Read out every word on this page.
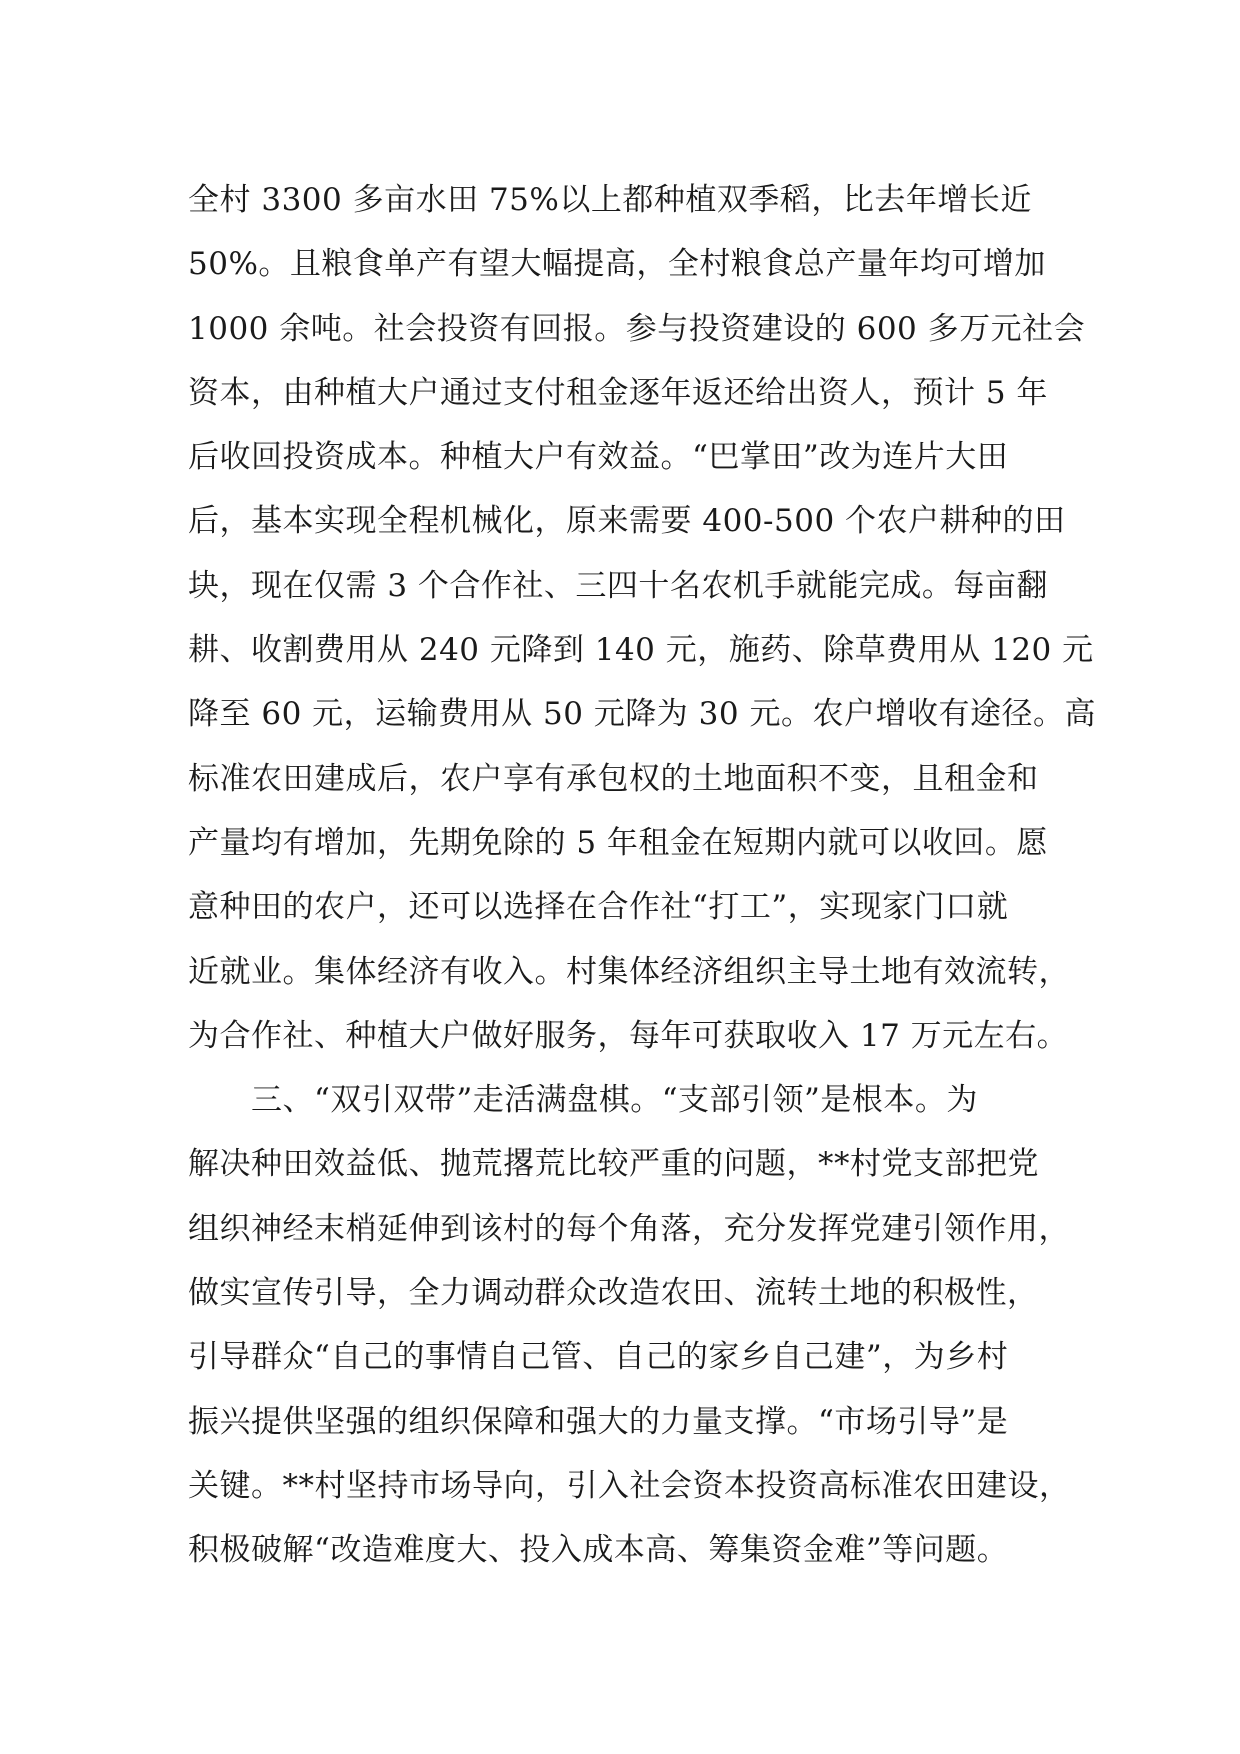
全村 3300 多亩水田 75%以上都种植双季稻，比去年增长近
50%。且粮食单产有望大幅提高，全村粮食总产量年均可增加
1000 余吨。社会投资有回报。参与投资建设的 600 多万元社会
资本，由种植大户通过支付租金逐年返还给出资人，预计 5 年
后收回投资成本。种植大户有效益。“巴掌田”改为连片大田
后，基本实现全程机械化，原来需要 400-500 个农户耕种的田
块，现在仅需 3 个合作社、三四十名农机手就能完成。每亩翻
耕、收割费用从 240 元降到 140 元，施药、除草费用从 120 元
降至 60 元，运输费用从 50 元降为 30 元。农户增收有途径。高
标准农田建成后，农户享有承包权的土地面积不变，且租金和
产量均有增加，先期免除的 5 年租金在短期内就可以收回。愿
意种田的农户，还可以选择在合作社“打工”，实现家门口就
近就业。集体经济有收入。村集体经济组织主导土地有效流转，
为合作社、种植大户做好服务，每年可获取收入 17 万元左右。
　　三、“双引双带”走活满盘棋。“支部引领”是根本。为
解决种田效益低、抛荒撂荒比较严重的问题，**村党支部把党
组织神经末梢延伸到该村的每个角落，充分发挥党建引领作用，
做实宣传引导，全力调动群众改造农田、流转土地的积极性，
引导群众“自己的事情自己管、自己的家乡自己建”，为乡村
振兴提供坚强的组织保障和强大的力量支撑。“市场引导”是
关键。**村坚持市场导向，引入社会资本投资高标准农田建设，
积极破解“改造难度大、投入成本高、筹集资金难”等问题。
